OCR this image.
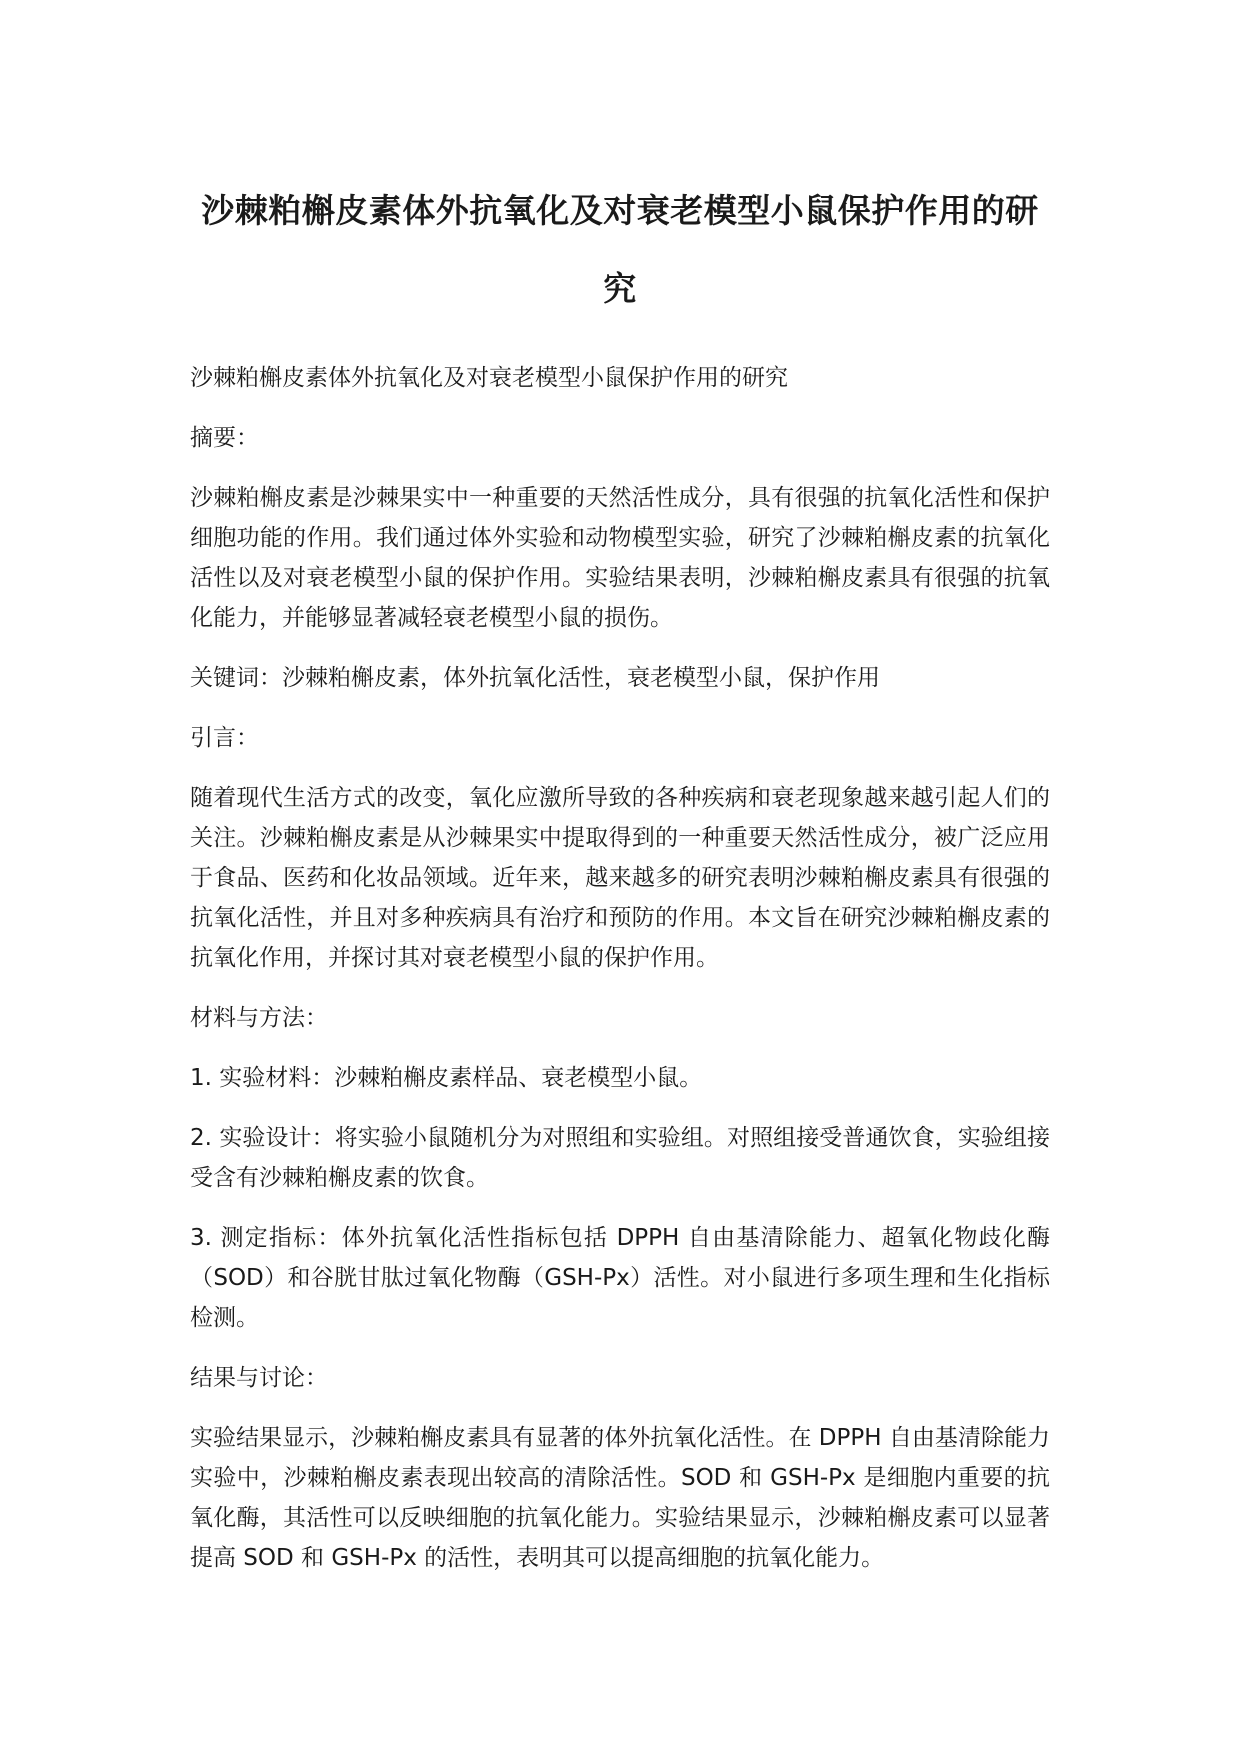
沙棘粕槲皮素体外抗氧化及对衰老模型小鼠保护作用的研究

沙棘粕槲皮素体外抗氧化及对衰老模型小鼠保护作用的研究

摘要：

沙棘粕槲皮素是沙棘果实中一种重要的天然活性成分，具有很强的抗氧化活性和保护细胞功能的作用。我们通过体外实验和动物模型实验，研究了沙棘粕槲皮素的抗氧化活性以及对衰老模型小鼠的保护作用。实验结果表明，沙棘粕槲皮素具有很强的抗氧化能力，并能够显著减轻衰老模型小鼠的损伤。

关键词：沙棘粕槲皮素，体外抗氧化活性，衰老模型小鼠，保护作用

引言：

随着现代生活方式的改变，氧化应激所导致的各种疾病和衰老现象越来越引起人们的关注。沙棘粕槲皮素是从沙棘果实中提取得到的一种重要天然活性成分，被广泛应用于食品、医药和化妆品领域。近年来，越来越多的研究表明沙棘粕槲皮素具有很强的抗氧化活性，并且对多种疾病具有治疗和预防的作用。本文旨在研究沙棘粕槲皮素的抗氧化作用，并探讨其对衰老模型小鼠的保护作用。

材料与方法：

1. 实验材料：沙棘粕槲皮素样品、衰老模型小鼠。

2. 实验设计：将实验小鼠随机分为对照组和实验组。对照组接受普通饮食，实验组接受含有沙棘粕槲皮素的饮食。

3. 测定指标：体外抗氧化活性指标包括 DPPH 自由基清除能力、超氧化物歧化酶（SOD）和谷胱甘肽过氧化物酶（GSH-Px）活性。对小鼠进行多项生理和生化指标检测。

结果与讨论：

实验结果显示，沙棘粕槲皮素具有显著的体外抗氧化活性。在 DPPH 自由基清除能力实验中，沙棘粕槲皮素表现出较高的清除活性。SOD 和 GSH-Px 是细胞内重要的抗氧化酶，其活性可以反映细胞的抗氧化能力。实验结果显示，沙棘粕槲皮素可以显著提高 SOD 和 GSH-Px 的活性，表明其可以提高细胞的抗氧化能力。
